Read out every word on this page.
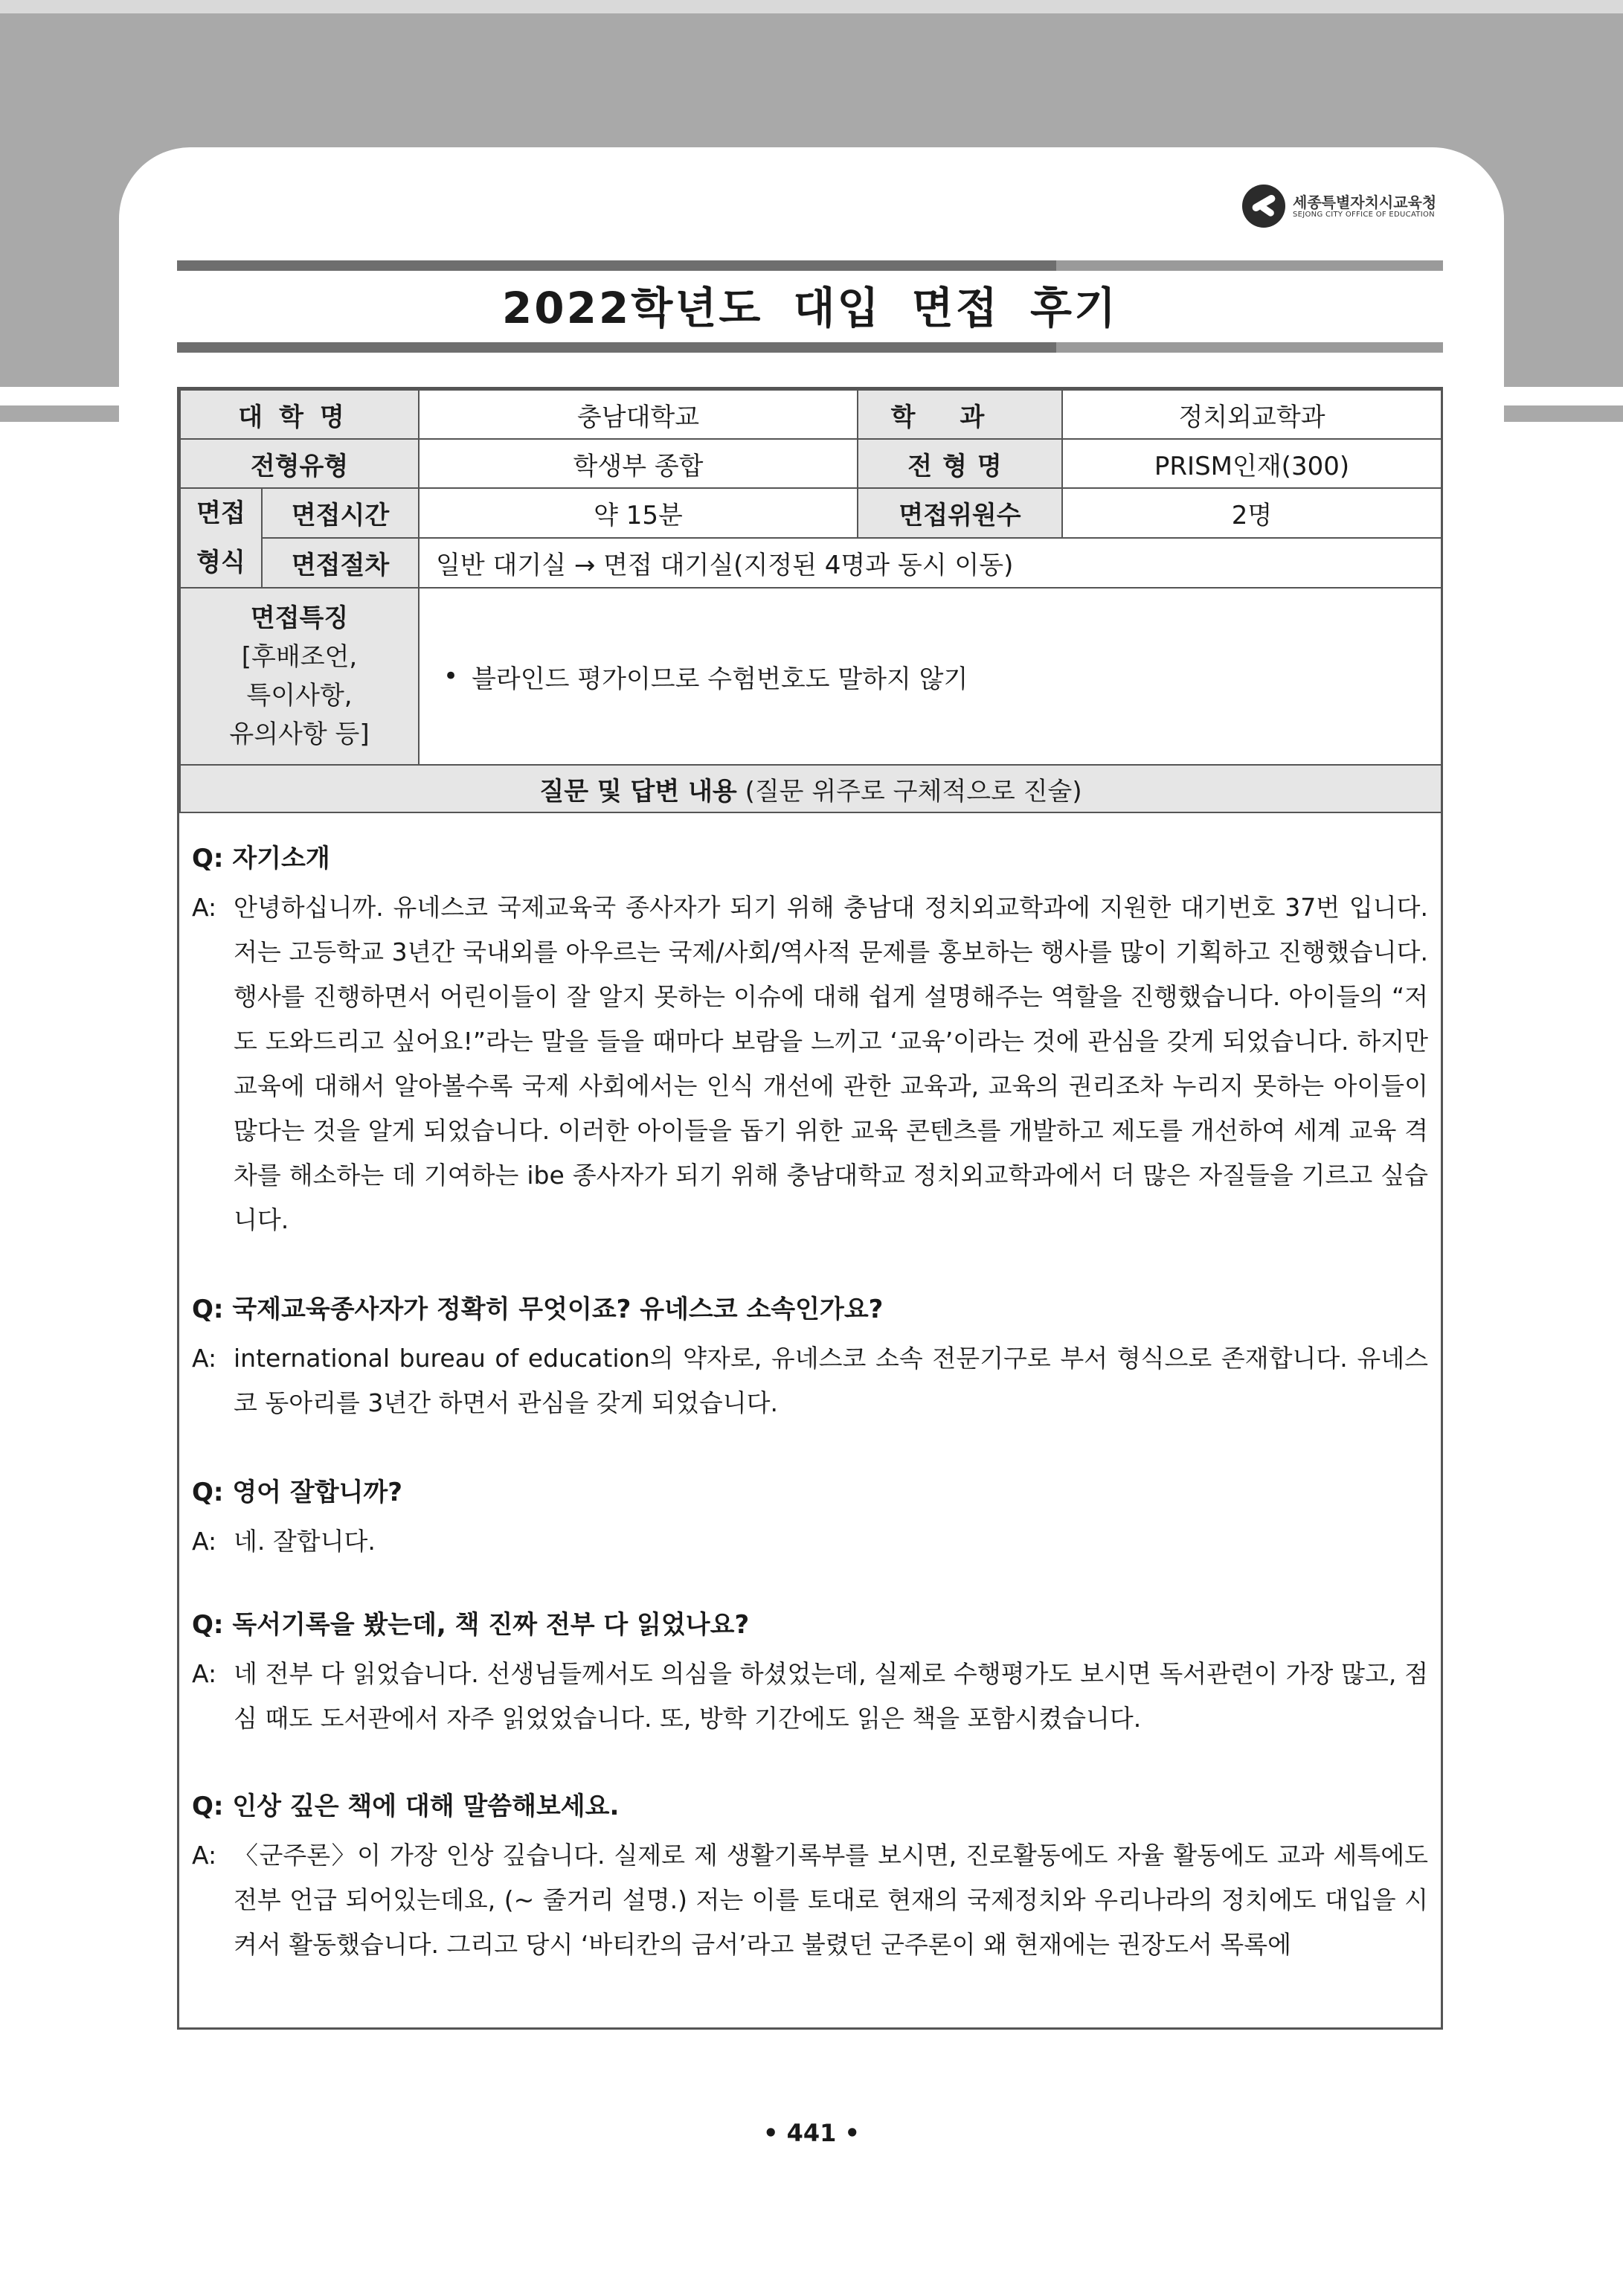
세종특별자치시교육청
SEJONG CITY OFFICE OF EDUCATION
2022학년도 대입 면접 후기
대학명		충남대학교	학과	정치외교학과
전형유형		학생부 종합	전형명	PRISM인재(300)

면접
형식	면접시간	약 15분	면접위원수	2명
	면접절차	일반 대기실 → 면접 대기실(지정된 4명과 동시 이동)		

면접특징
[후배조언,
특이사항,
유의사항 등]		• 블라인드 평가이므로 수험번호도 말하지 않기		

질문 및 답변 내용 (질문 위주로 구체적으로 진술)				
Q: 자기소개
A: 안녕하십니까. 유네스코 국제교육국 종사자가 되기 위해 충남대 정치외교학과에 지원한 대기번호 37번 입니다. 저는 고등학교 3년간 국내외를 아우르는 국제/사회/역사적 문제를 홍보하는 행사를 많이 기획하고 진행했습니다. 행사를 진행하면서 어린이들이 잘 알지 못하는 이슈에 대해 쉽게 설명해주는 역할을 진행했습니다. 아이들의 “저도 도와드리고 싶어요!”라는 말을 들을 때마다 보람을 느끼고 ‘교육’이라는 것에 관심을 갖게 되었습니다. 하지만 교육에 대해서 알아볼수록 국제 사회에서는 인식 개선에 관한 교육과, 교육의 권리조차 누리지 못하는 아이들이 많다는 것을 알게 되었습니다. 이러한 아이들을 돕기 위한 교육 콘텐츠를 개발하고 제도를 개선하여 세계 교육 격차를 해소하는 데 기여하는 ibe 종사자가 되기 위해 충남대학교 정치외교학과에서 더 많은 자질들을 기르고 싶습니다.
Q: 국제교육종사자가 정확히 무엇이죠? 유네스코 소속인가요?
A: international bureau of education의 약자로, 유네스코 소속 전문기구로 부서 형식으로 존재합니다. 유네스코 동아리를 3년간 하면서 관심을 갖게 되었습니다.
Q: 영어 잘합니까?
A: 네. 잘합니다.
Q: 독서기록을 봤는데, 책 진짜 전부 다 읽었나요?
A: 네 전부 다 읽었습니다. 선생님들께서도 의심을 하셨었는데, 실제로 수행평가도 보시면 독서관련이 가장 많고, 점심 때도 도서관에서 자주 읽었었습니다. 또, 방학 기간에도 읽은 책을 포함시켰습니다.
Q: 인상 깊은 책에 대해 말씀해보세요.
A: 〈군주론〉이 가장 인상 깊습니다. 실제로 제 생활기록부를 보시면, 진로활동에도 자율 활동에도 교과 세특에도 전부 언급 되어있는데요, (~ 줄거리 설명.) 저는 이를 토대로 현재의 국제정치와 우리나라의 정치에도 대입을 시켜서 활동했습니다. 그리고 당시 ‘바티칸의 금서’라고 불렸던 군주론이 왜 현재에는 권장도서 목록에
• 441 •
